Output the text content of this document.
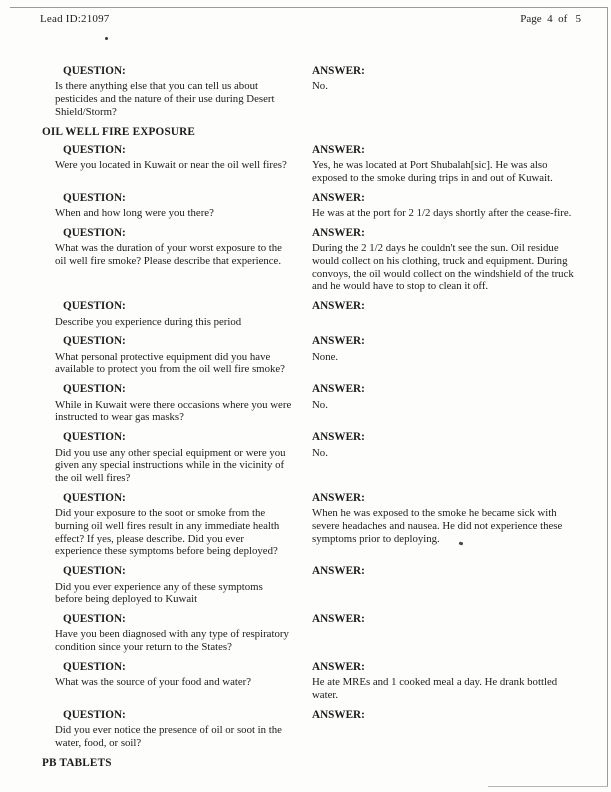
Lead ID:21097	Page  4  of   5
QUESTION:
Is there anything else that you can tell us about pesticides and the nature of their use during Desert Shield/Storm?
ANSWER:
No.
OIL WELL FIRE EXPOSURE
QUESTION:
Were you located in Kuwait or near the oil well fires?
ANSWER:
Yes, he was located at Port Shubalah[sic]. He was also exposed to the smoke during trips in and out of Kuwait.
QUESTION:
When and how long were you there?
ANSWER:
He was at the port for 2 1/2 days shortly after the cease-fire.
QUESTION:
What was the duration of your worst exposure to the oil well fire smoke? Please describe that experience.
ANSWER:
During the 2 1/2 days he couldn't see the sun. Oil residue would collect on his clothing, truck and equipment. During convoys, the oil would collect on the windshield of the truck and he would have to stop to clean it off.
QUESTION:
Describe you experience during this period
ANSWER:
QUESTION:
What personal protective equipment did you have available to protect you from the oil well fire smoke?
ANSWER:
None.
QUESTION:
While in Kuwait were there occasions where you were instructed to wear gas masks?
ANSWER:
No.
QUESTION:
Did you use any other special equipment or were you given any special instructions while in the vicinity of the oil well fires?
ANSWER:
No.
QUESTION:
Did your exposure to the soot or smoke from the burning oil well fires result in any immediate health effect? If yes, please describe. Did you ever experience these symptoms before being deployed?
ANSWER:
When he was exposed to the smoke he became sick with severe headaches and nausea. He did not experience these symptoms prior to deploying.
QUESTION:
Did you ever experience any of these symptoms before being deployed to Kuwait
ANSWER:
QUESTION:
Have you been diagnosed with any type of respiratory condition since your return to the States?
ANSWER:
QUESTION:
What was the source of your food and water?
ANSWER:
He ate MREs and 1 cooked meal a day. He drank bottled water.
QUESTION:
Did you ever notice the presence of oil or soot in the water, food, or soil?
ANSWER:
PB TABLETS
